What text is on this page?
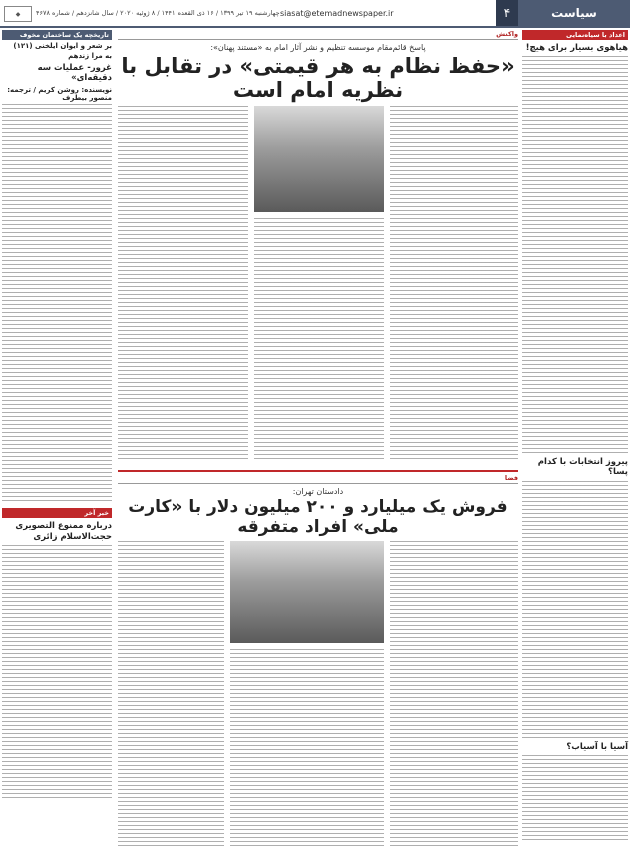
سیاست
۴
siasat@etemadnewspaper.ir
چهارشنبه ۱۹ تیر ۱۳۹۹ / ۱۶ ذی القعده ۱۴۴۱ / ۸ ژوئیه ۲۰۲۰ / سال شانزدهم / شماره ۴۶۷۸
◆
اعداد با سیاه‌نمایی
هیاهوی بسیار برای هیچ!
پیروز انتخابات با کدام پسا؟
آسیا با آسیاب؟
واکنش
پاسخ قائم‌مقام موسسه تنظیم و نشر آثار امام به «مستند پهنان»:
«حفظ نظام به هر قیمتی» در تقابل با نظریه امام است
فضا
دادستان تهران:
فروش یک میلیارد و ۲۰۰ میلیون دلار با «کارت ملی» افراد متفرقه
تاریخچه یک ساختمان مخوف
بر شعر و ایوان ایلخنی (۱۲۱)
به مرا زندهم
غرور- عملیات سه دقیقه‌ای»
نویسنده: روشن کریم / ترجمه: منصور بیطرف
خبر آخر
درباره ممنوع التصویری حجت‌الاسلام زائری
